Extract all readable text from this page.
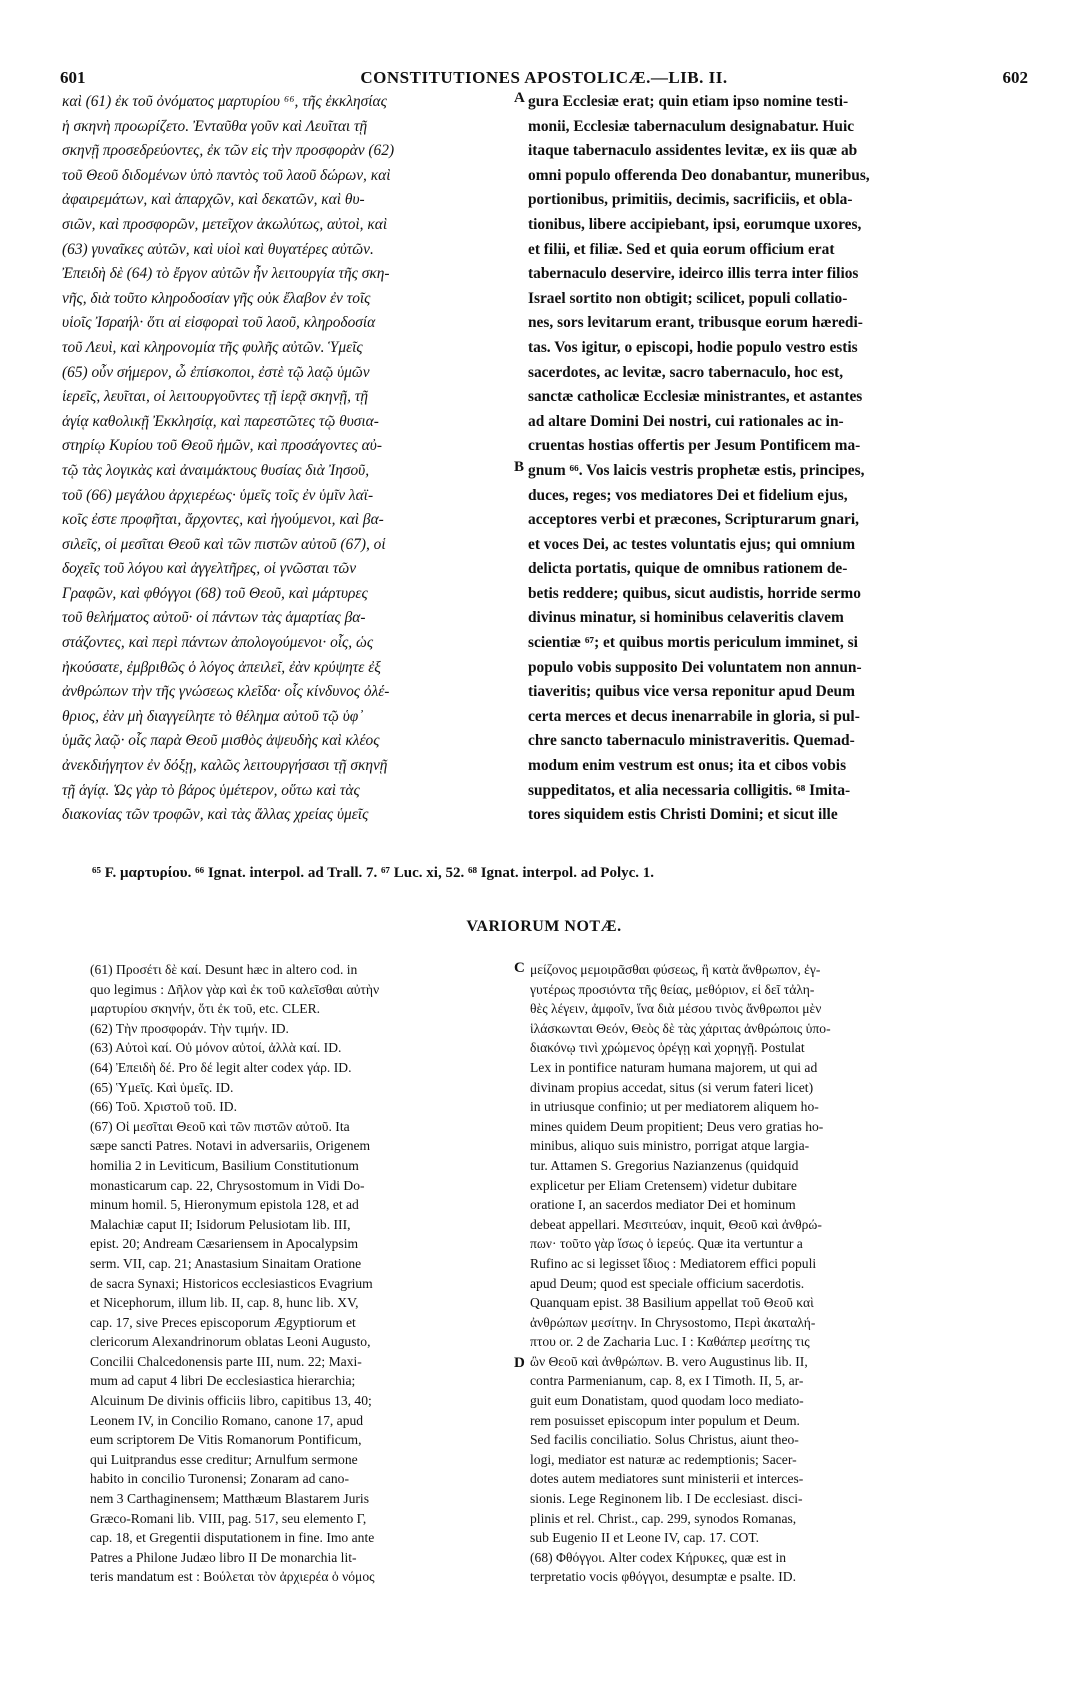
601	CONSTITUTIONES APOSTOLICÆ.—LIB. II.	602
καὶ (61) ἐκ τοῦ ὀνόματος μαρτυρίου ⁶⁶, τῆς ἐκκλησίας
ἡ σκηνὴ προωρίζετο. Ἐνταῦθα γοῦν καὶ Λευῖται τῇ
σκηνῇ προσεδρεύοντες, ἐκ τῶν εἰς τὴν προσφορὰν (62)
τοῦ Θεοῦ διδομένων ὑπὸ παντὸς τοῦ λαοῦ δώρων, καὶ
ἀφαιρεμάτων, καὶ ἀπαρχῶν, καὶ δεκατῶν, καὶ θυ-
σιῶν, καὶ προσφορῶν, μετεῖχον ἀκωλύτως, αὐτοὶ, καὶ
(63) γυναῖκες αὐτῶν, καὶ υἱοὶ καὶ θυγατέρες αὐτῶν.
Ἐπειδὴ δὲ (64) τὸ ἔργον αὐτῶν ἦν λειτουργία τῆς σκη-
νῆς, διὰ τοῦτο κληροδοσίαν γῆς οὐκ ἔλαβον ἐν τοῖς
υἱοῖς Ἰσραήλ· ὅτι αἱ εἰσφοραὶ τοῦ λαοῦ, κληροδοσία
τοῦ Λευὶ, καὶ κληρονομία τῆς φυλῆς αὐτῶν. Ὑμεῖς
(65) οὖν σήμερον, ὦ ἐπίσκοποι, ἐστὲ τῷ λαῷ ὑμῶν
ἱερεῖς, λευῖται, οἱ λειτουργοῦντες τῇ ἱερᾷ σκηνῇ, τῇ
ἁγίᾳ καθολικῇ Ἐκκλησίᾳ, καὶ παρεστῶτες τῷ θυσια-
στηρίῳ Κυρίου τοῦ Θεοῦ ἡμῶν, καὶ προσάγοντες αὐ-
τῷ τὰς λογικὰς καὶ ἀναιμάκτους θυσίας διὰ Ἰησοῦ,
τοῦ (66) μεγάλου ἀρχιερέως· ὑμεῖς τοῖς ἐν ὑμῖν λαϊ-
κοῖς ἐστε προφῆται, ἄρχοντες, καὶ ἡγούμενοι, καὶ βα-
σιλεῖς, οἱ μεσῖται Θεοῦ καὶ τῶν πιστῶν αὐτοῦ (67), οἱ
δοχεῖς τοῦ λόγου καὶ ἀγγελτῆρες, οἱ γνῶσται τῶν
Γραφῶν, καὶ φθόγγοι (68) τοῦ Θεοῦ, καὶ μάρτυρες
τοῦ θελήματος αὐτοῦ· οἱ πάντων τὰς ἁμαρτίας βα-
στάζοντες, καὶ περὶ πάντων ἀπολογούμενοι· οἷς, ὡς
ἠκούσατε, ἐμβριθῶς ὁ λόγος ἀπειλεῖ, ἐὰν κρύψητε ἐξ
ἀνθρώπων τὴν τῆς γνώσεως κλεῖδα· οἷς κίνδυνος ὀλέ-
θριος, ἐὰν μὴ διαγγείλητε τὸ θέλημα αὐτοῦ τῷ ὑφ᾽
ὑμᾶς λαῷ· οἷς παρὰ Θεοῦ μισθὸς ἀψευδὴς καὶ κλέος
ἀνεκδιήγητον ἐν δόξῃ, καλῶς λειτουργήσασι τῇ σκηνῇ
τῇ ἁγίᾳ. Ὡς γὰρ τὸ βάρος ὑμέτερον, οὕτω καὶ τὰς
διακονίας τῶν τροφῶν, καὶ τὰς ἄλλας χρείας ὑμεῖς
gura Ecclesiæ erat; quin etiam ipso nomine testi-
monii, Ecclesiæ tabernaculum designabatur. Huic
itaque tabernaculo assidentes levitæ, ex iis quæ ab
omni populo offerenda Deo donabantur, muneribus,
portionibus, primitiis, decimis, sacrificiis, et obla-
tionibus, libere accipiebant, ipsi, eorumque uxores,
et filii, et filiæ. Sed et quia eorum officium erat
tabernaculo deservire, ideirco illis terra inter filios
Israel sortito non obtigit; scilicet, populi collatio-
nes, sors levitarum erant, tribusque eorum hæredi-
tas. Vos igitur, o episcopi, hodie populo vestro estis
sacerdotes, ac levitæ, sacro tabernaculo, hoc est,
sanctæ catholicæ Ecclesiæ ministrantes, et astantes
ad altare Domini Dei nostri, cui rationales ac in-
cruentas hostias offertis per Jesum Pontificem ma-
gnum ⁶⁶. Vos laicis vestris prophetæ estis, principes,
duces, reges; vos mediatores Dei et fidelium ejus,
acceptores verbi et præcones, Scripturarum gnari,
et voces Dei, ac testes voluntatis ejus; qui omnium
delicta portatis, quique de omnibus rationem de-
betis reddere; quibus, sicut audistis, horride sermo
divinus minatur, si hominibus celaveritis clavem
scientiæ ⁶⁷; et quibus mortis periculum imminet, si
populo vobis supposito Dei voluntatem non annun-
tiaveritis; quibus vice versa reponitur apud Deum
certa merces et decus inenarrabile in gloria, si pul-
chre sancto tabernaculo ministraveritis. Quemad-
modum enim vestrum est onus; ita et cibos vobis
suppeditatos, et alia necessaria colligitis. ⁶⁸ Imita-
tores siquidem estis Christi Domini; et sicut ille
A
B
C
D
⁶⁵ F. μαρτυρίου. ⁶⁶ Ignat. interpol. ad Trall. 7. ⁶⁷ Luc. xi, 52. ⁶⁸ Ignat. interpol. ad Polyc. 1.
VARIORUM NOTÆ.
(61) Προσέτι δὲ καί. Desunt hæc in altero cod. in
quo legimus : Δῆλον γὰρ καὶ ἐκ τοῦ καλεῖσθαι αὐτὴν
μαρτυρίου σκηνήν, ὅτι ἐκ τοῦ, etc. CLER.
(62) Τὴν προσφοράν. Τὴν τιμήν. ID.
(63) Αὐτοὶ καί. Οὐ μόνον αὐτοί, ἀλλὰ καί. ID.
(64) Ἐπειδὴ δέ. Pro δέ legit alter codex γάρ. ID.
(65) Ὑμεῖς. Καὶ ὑμεῖς. ID.
(66) Τοῦ. Χριστοῦ τοῦ. ID.
(67) Οἱ μεσῖται Θεοῦ καὶ τῶν πιστῶν αὐτοῦ. Ita
sæpe sancti Patres. Notavi in adversariis, Origenem
homilia 2 in Leviticum, Basilium Constitutionum
monasticarum cap. 22, Chrysostomum in Vidi Do-
minum homil. 5, Hieronymum epistola 128, et ad
Malachiæ caput II; Isidorum Pelusiotam lib. III,
epist. 20; Andream Cæsariensem in Apocalypsim
serm. VII, cap. 21; Anastasium Sinaitam Oratione
de sacra Synaxi; Historicos ecclesiasticos Evagrium
et Nicephorum, illum lib. II, cap. 8, hunc lib. XV,
cap. 17, sive Preces episcoporum Ægyptiorum et
clericorum Alexandrinorum oblatas Leoni Augusto,
Concilii Chalcedonensis parte III, num. 22; Maxi-
mum ad caput 4 libri De ecclesiastica hierarchia;
Alcuinum De divinis officiis libro, capitibus 13, 40;
Leonem IV, in Concilio Romano, canone 17, apud
eum scriptorem De Vitis Romanorum Pontificum,
qui Luitprandus esse creditur; Arnulfum sermone
habito in concilio Turonensi; Zonaram ad cano-
nem 3 Carthaginensem; Matthæum Blastarem Juris
Græco-Romani lib. VIII, pag. 517, seu elemento Γ,
cap. 18, et Gregentii disputationem in fine. Imo ante
Patres a Philone Judæo libro II De monarchia lit-
teris mandatum est : Βούλεται τὸν ἀρχιερέα ὁ νόμος
μείζονος μεμοιρᾶσθαι φύσεως, ἢ κατὰ ἄνθρωπον, ἐγ-
γυτέρως προσιόντα τῆς θείας, μεθόριον, εἰ δεῖ τἀλη-
θὲς λέγειν, ἀμφοῖν, ἵνα διὰ μέσου τινὸς ἄνθρωποι μὲν
ἱλάσκωνται Θεόν, Θεὸς δὲ τὰς χάριτας ἀνθρώποις ὑπο-
διακόνῳ τινὶ χρώμενος ὀρέγῃ καὶ χορηγῇ. Postulat
Lex in pontifice naturam humana majorem, ut qui ad
divinam propius accedat, situs (si verum fateri licet)
in utriusque confinio; ut per mediatorem aliquem ho-
mines quidem Deum propitient; Deus vero gratias ho-
minibus, aliquo suis ministro, porrigat atque largia-
tur. Attamen S. Gregorius Nazianzenus (quidquid
explicetur per Eliam Cretensem) videtur dubitare
oratione I, an sacerdos mediator Dei et hominum
debeat appellari. Μεσιτεύαν, inquit, Θεοῦ καὶ ἀνθρώ-
πων· τοῦτο γὰρ ἴσως ὁ ἱερεύς. Quæ ita vertuntur a
Rufino ac si legisset ἴδιος : Mediatorem effici populi
apud Deum; quod est speciale officium sacerdotis.
Quanquam epist. 38 Basilium appellat τοῦ Θεοῦ καὶ
ἀνθρώπων μεσίτην. In Chrysostomo, Περὶ ἀκαταλή-
πτου or. 2 de Zacharia Luc. I : Καθάπερ μεσίτης τις
ὢν Θεοῦ καὶ ἀνθρώπων. B. vero Augustinus lib. II,
contra Parmenianum, cap. 8, ex I Timoth. II, 5, ar-
guit eum Donatistam, quod quodam loco mediato-
rem posuisset episcopum inter populum et Deum.
Sed facilis conciliatio. Solus Christus, aiunt theo-
logi, mediator est naturæ ac redemptionis; Sacer-
dotes autem mediatores sunt ministerii et interces-
sionis. Lege Reginonem lib. I De ecclesiast. disci-
plinis et rel. Christ., cap. 299, synodos Romanas,
sub Eugenio II et Leone IV, cap. 17. COT.
(68) Φθόγγοι. Alter codex Κήρυκες, quæ est in
terpretatio vocis φθόγγοι, desumptæ e psalte. ID.
